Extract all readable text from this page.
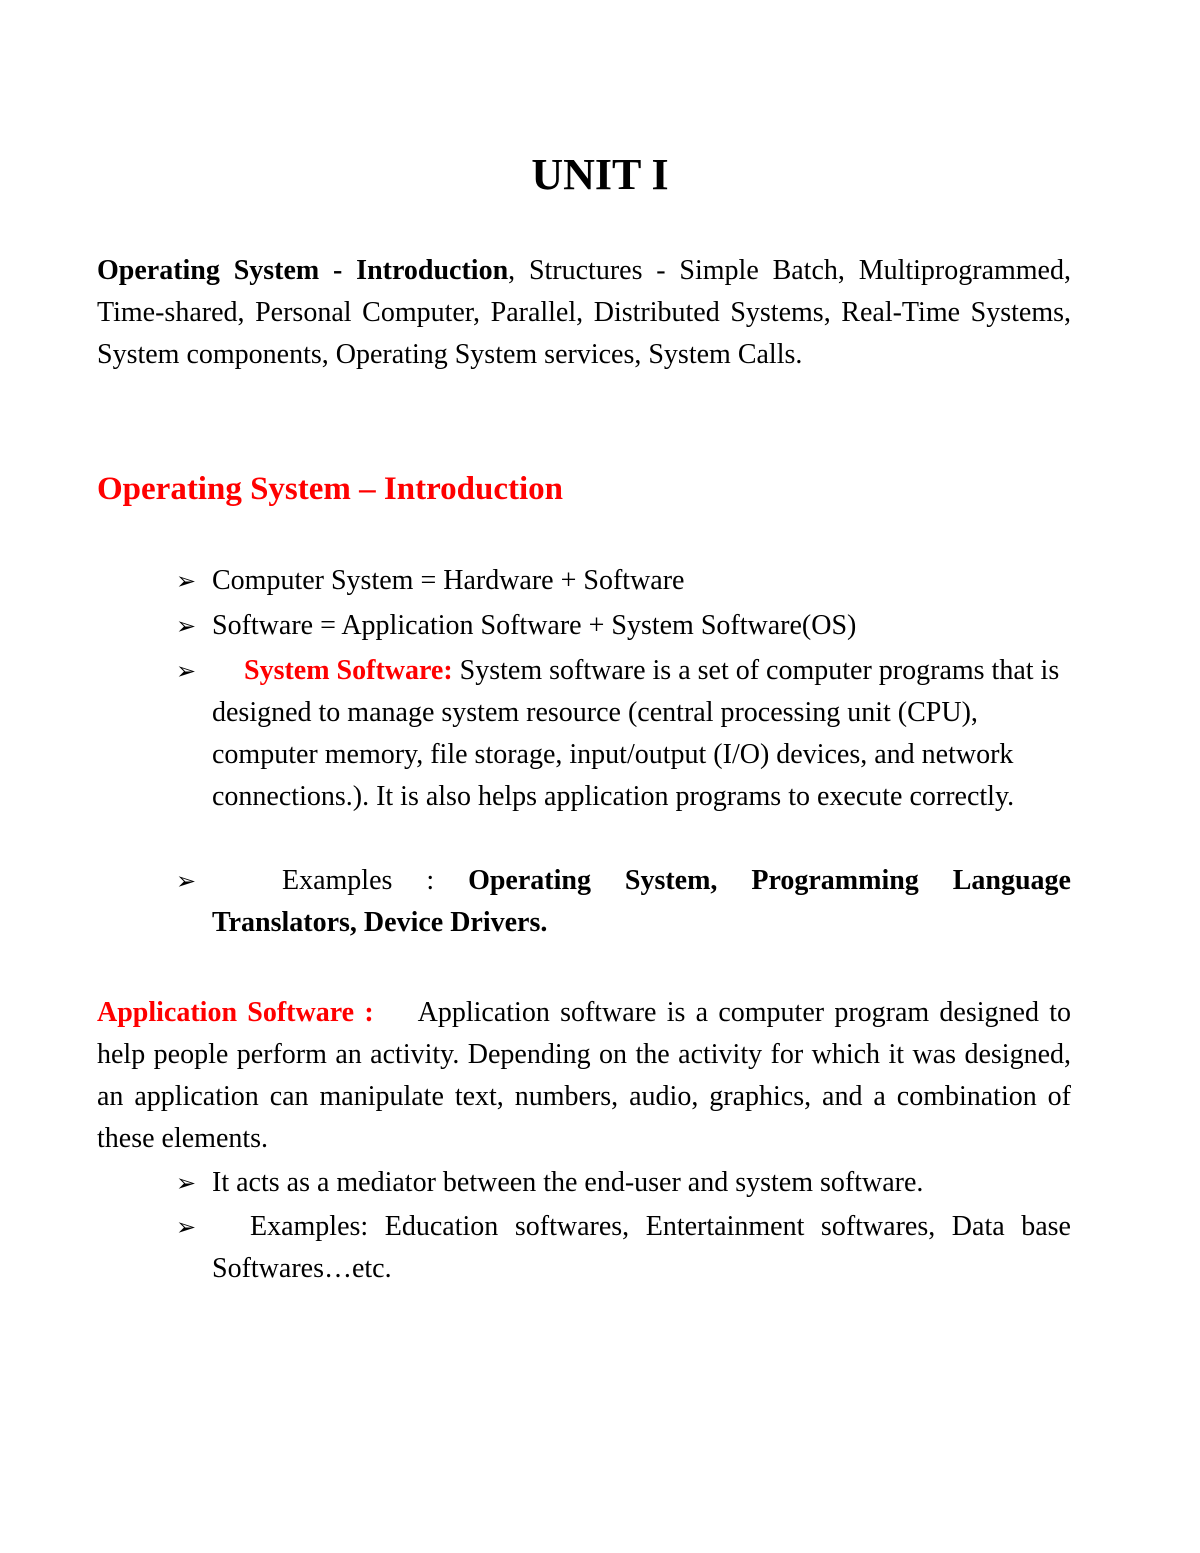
UNIT I

Operating System - Introduction, Structures - Simple Batch, Multiprogrammed, Time-shared, Personal Computer, Parallel, Distributed Systems, Real-Time Systems, System components, Operating System services, System Calls.

Operating System – Introduction
➢ Computer System = Hardware + Software
➢ Software = Application Software + System Software(OS)
➢	System Software: System software is a set of computer programs that is designed to manage system resource (central processing unit (CPU), computer memory, file storage, input/output (I/O) devices, and network connections.). It is also helps application programs to execute correctly.
➢	Examples : Operating System, Programming Language Translators, Device Drivers.

Application Software : Application software is a computer program designed to help people perform an activity. Depending on the activity for which it was designed, an application can manipulate text, numbers, audio, graphics, and a combination of these elements.

➢ It acts as a mediator between the end-user and system software.
➢	Examples: Education softwares, Entertainment softwares, Data base Softwares…etc.
